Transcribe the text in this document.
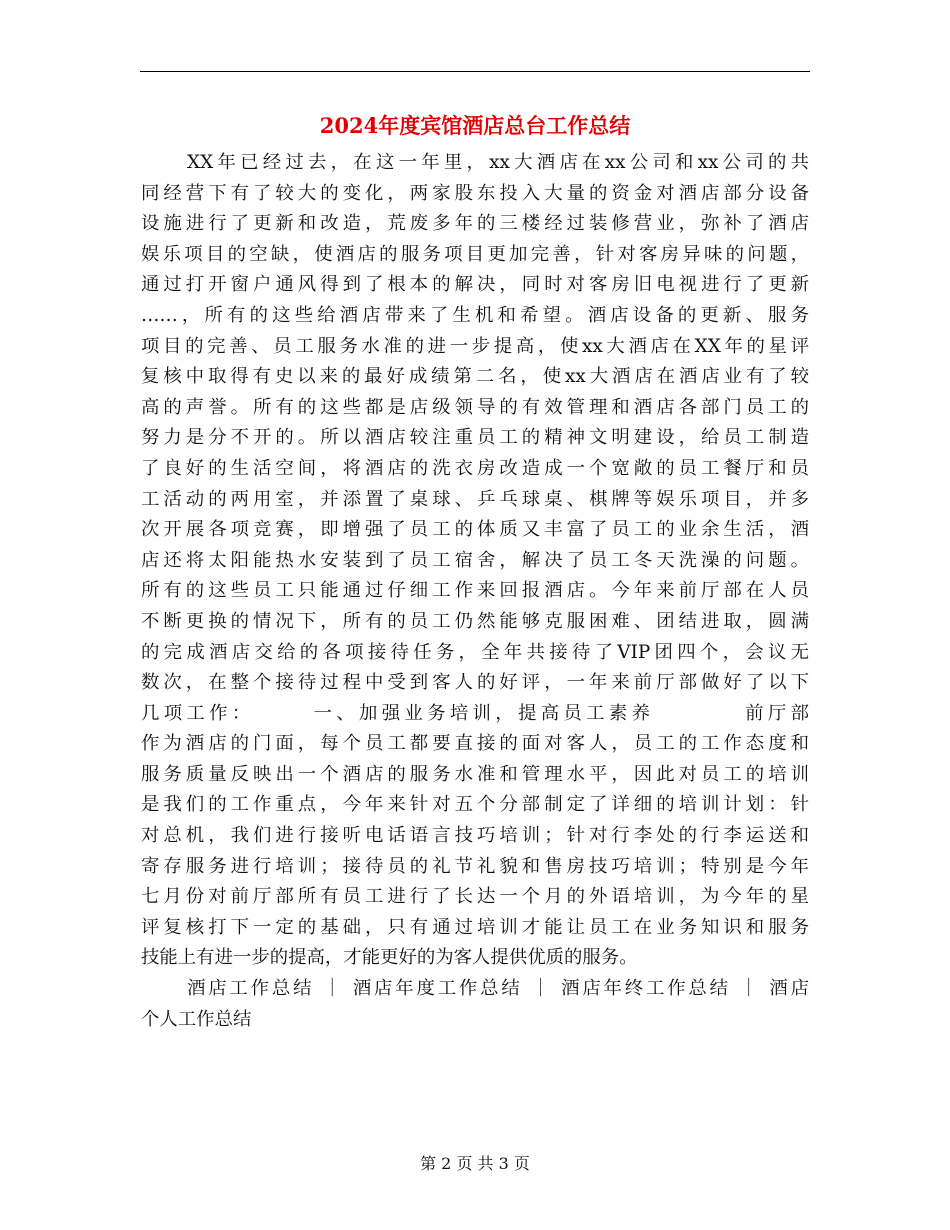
2024年度宾馆酒店总台工作总结
XX年已经过去，在这一年里，xx大酒店在xx公司和xx公司的共
同经营下有了较大的变化，两家股东投入大量的资金对酒店部分设备
设施进行了更新和改造，荒废多年的三楼经过装修营业，弥补了酒店
娱乐项目的空缺，使酒店的服务项目更加完善，针对客房异味的问题，
通过打开窗户通风得到了根本的解决，同时对客房旧电视进行了更新
……，所有的这些给酒店带来了生机和希望。酒店设备的更新、服务
项目的完善、员工服务水准的进一步提高，使xx大酒店在XX年的星评
复核中取得有史以来的最好成绩第二名，使xx大酒店在酒店业有了较
高的声誉。所有的这些都是店级领导的有效管理和酒店各部门员工的
努力是分不开的。所以酒店较注重员工的精神文明建设，给员工制造
了良好的生活空间，将酒店的洗衣房改造成一个宽敞的员工餐厅和员
工活动的两用室，并添置了桌球、乒乓球桌、棋牌等娱乐项目，并多
次开展各项竞赛，即增强了员工的体质又丰富了员工的业余生活，酒
店还将太阳能热水安装到了员工宿舍，解决了员工冬天洗澡的问题。
所有的这些员工只能通过仔细工作来回报酒店。今年来前厅部在人员
不断更换的情况下，所有的员工仍然能够克服困难、团结进取，圆满
的完成酒店交给的各项接待任务，全年共接待了VIP团四个，会议无
数次，在整个接待过程中受到客人的好评，一年来前厅部做好了以下
几项工作：　　　一、加强业务培训，提高员工素养　　　　前厅部
作为酒店的门面，每个员工都要直接的面对客人，员工的工作态度和
服务质量反映出一个酒店的服务水准和管理水平，因此对员工的培训
是我们的工作重点，今年来针对五个分部制定了详细的培训计划：针
对总机，我们进行接听电话语言技巧培训；针对行李处的行李运送和
寄存服务进行培训；接待员的礼节礼貌和售房技巧培训；特别是今年
七月份对前厅部所有员工进行了长达一个月的外语培训，为今年的星
评复核打下一定的基础，只有通过培训才能让员工在业务知识和服务
技能上有进一步的提高，才能更好的为客人提供优质的服务。
酒店工作总结 ｜ 酒店年度工作总结 ｜ 酒店年终工作总结 ｜ 酒店
个人工作总结
第 2 页 共 3 页
